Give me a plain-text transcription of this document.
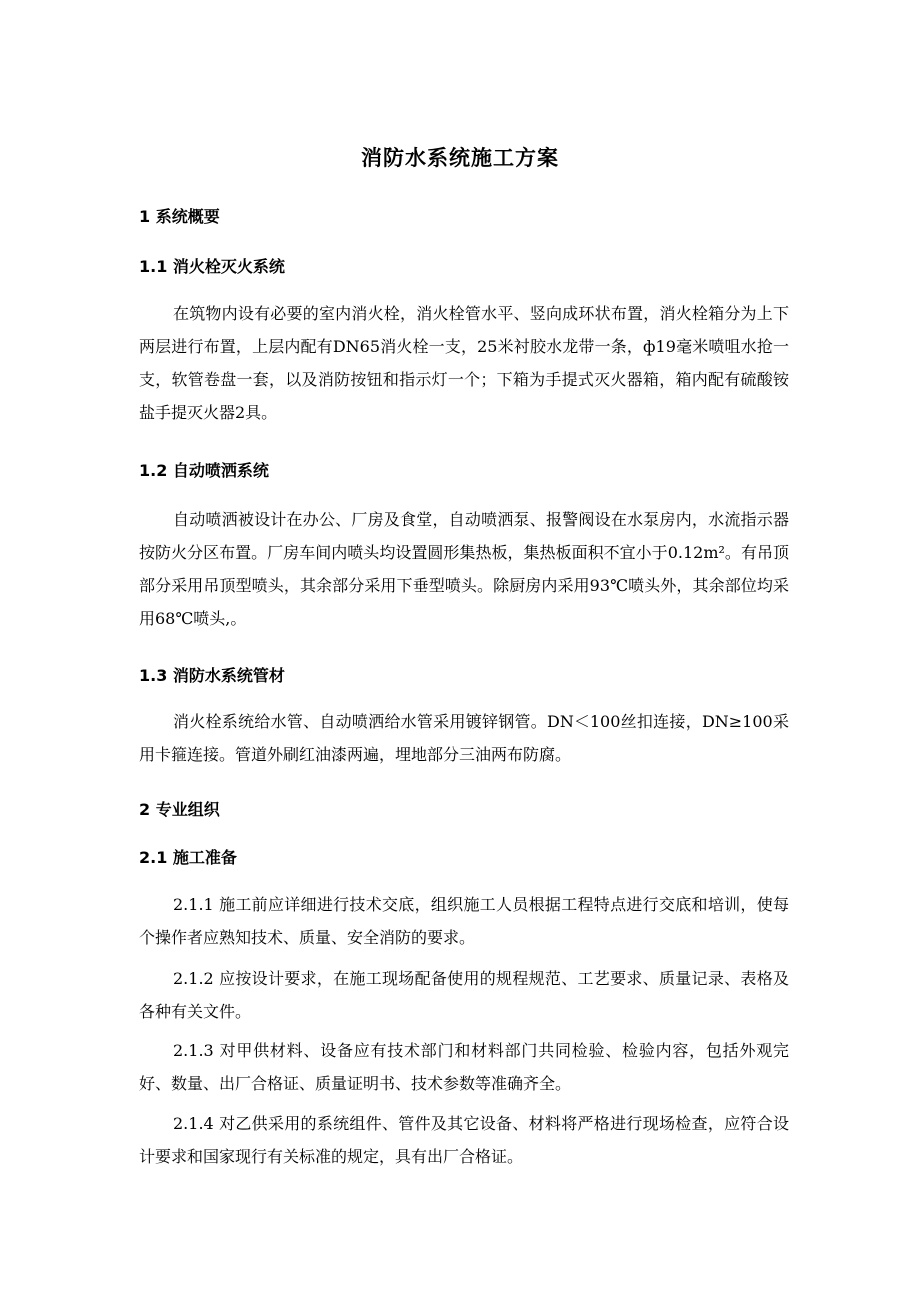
消防水系统施工方案
1 系统概要
1.1 消火栓灭火系统
在筑物内设有必要的室内消火栓，消火栓管水平、竖向成环状布置，消火栓箱分为上下两层进行布置，上层内配有DN65消火栓一支，25米衬胶水龙带一条，ф19毫米喷咀水抢一支，软管卷盘一套，以及消防按钮和指示灯一个；下箱为手提式灭火器箱，箱内配有硫酸铵盐手提灭火器2具。
1.2 自动喷洒系统
自动喷洒被设计在办公、厂房及食堂，自动喷洒泵、报警阀设在水泵房内，水流指示器按防火分区布置。厂房车间内喷头均设置圆形集热板，集热板面积不宜小于0.12m²。有吊顶部分采用吊顶型喷头，其余部分采用下垂型喷头。除厨房内采用93℃喷头外，其余部位均采用68℃喷头,。
1.3 消防水系统管材
消火栓系统给水管、自动喷洒给水管采用镀锌钢管。DN＜100丝扣连接，DN≥100采用卡箍连接。管道外刷红油漆两遍，埋地部分三油两布防腐。
2 专业组织
2.1 施工准备
2.1.1 施工前应详细进行技术交底，组织施工人员根据工程特点进行交底和培训，使每个操作者应熟知技术、质量、安全消防的要求。
2.1.2 应按设计要求，在施工现场配备使用的规程规范、工艺要求、质量记录、表格及各种有关文件。
2.1.3 对甲供材料、设备应有技术部门和材料部门共同检验、检验内容，包括外观完好、数量、出厂合格证、质量证明书、技术参数等准确齐全。
2.1.4 对乙供采用的系统组件、管件及其它设备、材料将严格进行现场检查，应符合设计要求和国家现行有关标准的规定，具有出厂合格证。
